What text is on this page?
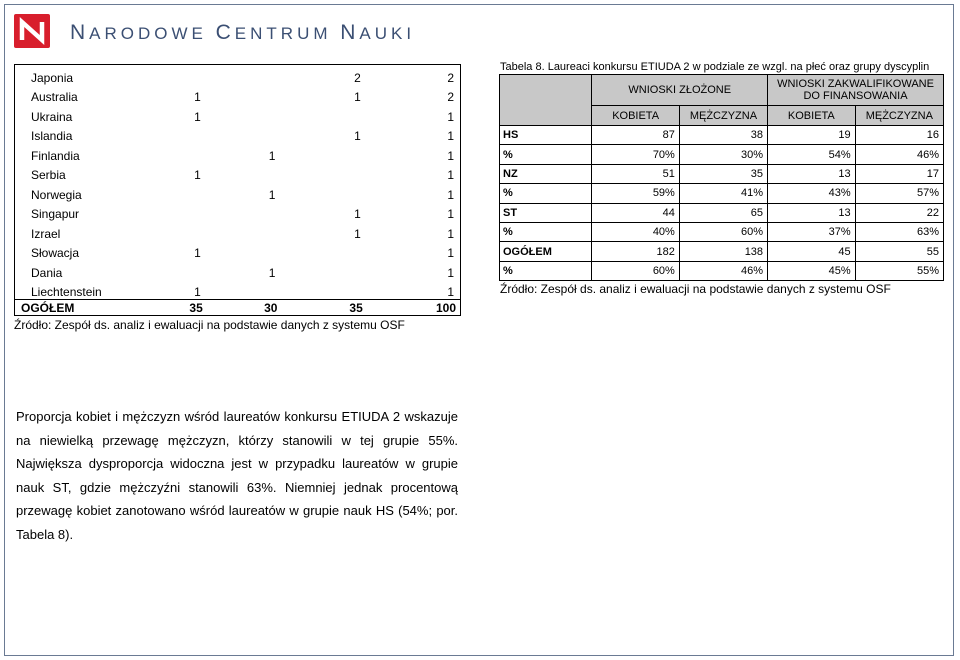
NARODOWE CENTRUM NAUKI
Japonia			2	2
Australia	1		1	2
Ukraina	1			1
Islandia			1	1
Finlandia		1		1
Serbia	1			1
Norwegia		1		1
Singapur			1	1
Izrael			1	1
Słowacja	1			1
Dania		1		1
Liechtenstein	1			1
OGÓŁEM	35	30	35	100
Źródło: Zespół ds. analiz i ewaluacji na podstawie danych z systemu OSF
Tabela 8. Laureaci konkursu ETIUDA 2 w podziale ze wzgl. na płeć oraz grupy dyscyplin
	WNIOSKI ZŁOŻONE		WNIOSKI ZAKWALIFIKOWANE DO FINANSOWANIA	
	KOBIETA	MĘŻCZYZNA	KOBIETA	MĘŻCZYZNA
HS	87	38	19	16
%	70%	30%	54%	46%
NZ	51	35	13	17
%	59%	41%	43%	57%
ST	44	65	13	22
%	40%	60%	37%	63%
OGÓŁEM	182	138	45	55
%	60%	46%	45%	55%
Źródło: Zespół ds. analiz i ewaluacji na podstawie danych z systemu OSF
Proporcja kobiet i mężczyzn wśród laureatów konkursu ETIUDA 2 wskazuje na niewielką przewagę mężczyzn, którzy stanowili w tej grupie 55%. Największa dysproporcja widoczna jest w przypadku laureatów w grupie nauk ST, gdzie mężczyźni stanowili 63%. Niemniej jednak procentową przewagę kobiet zanotowano wśród laureatów w grupie nauk HS (54%; por. Tabela 8).
